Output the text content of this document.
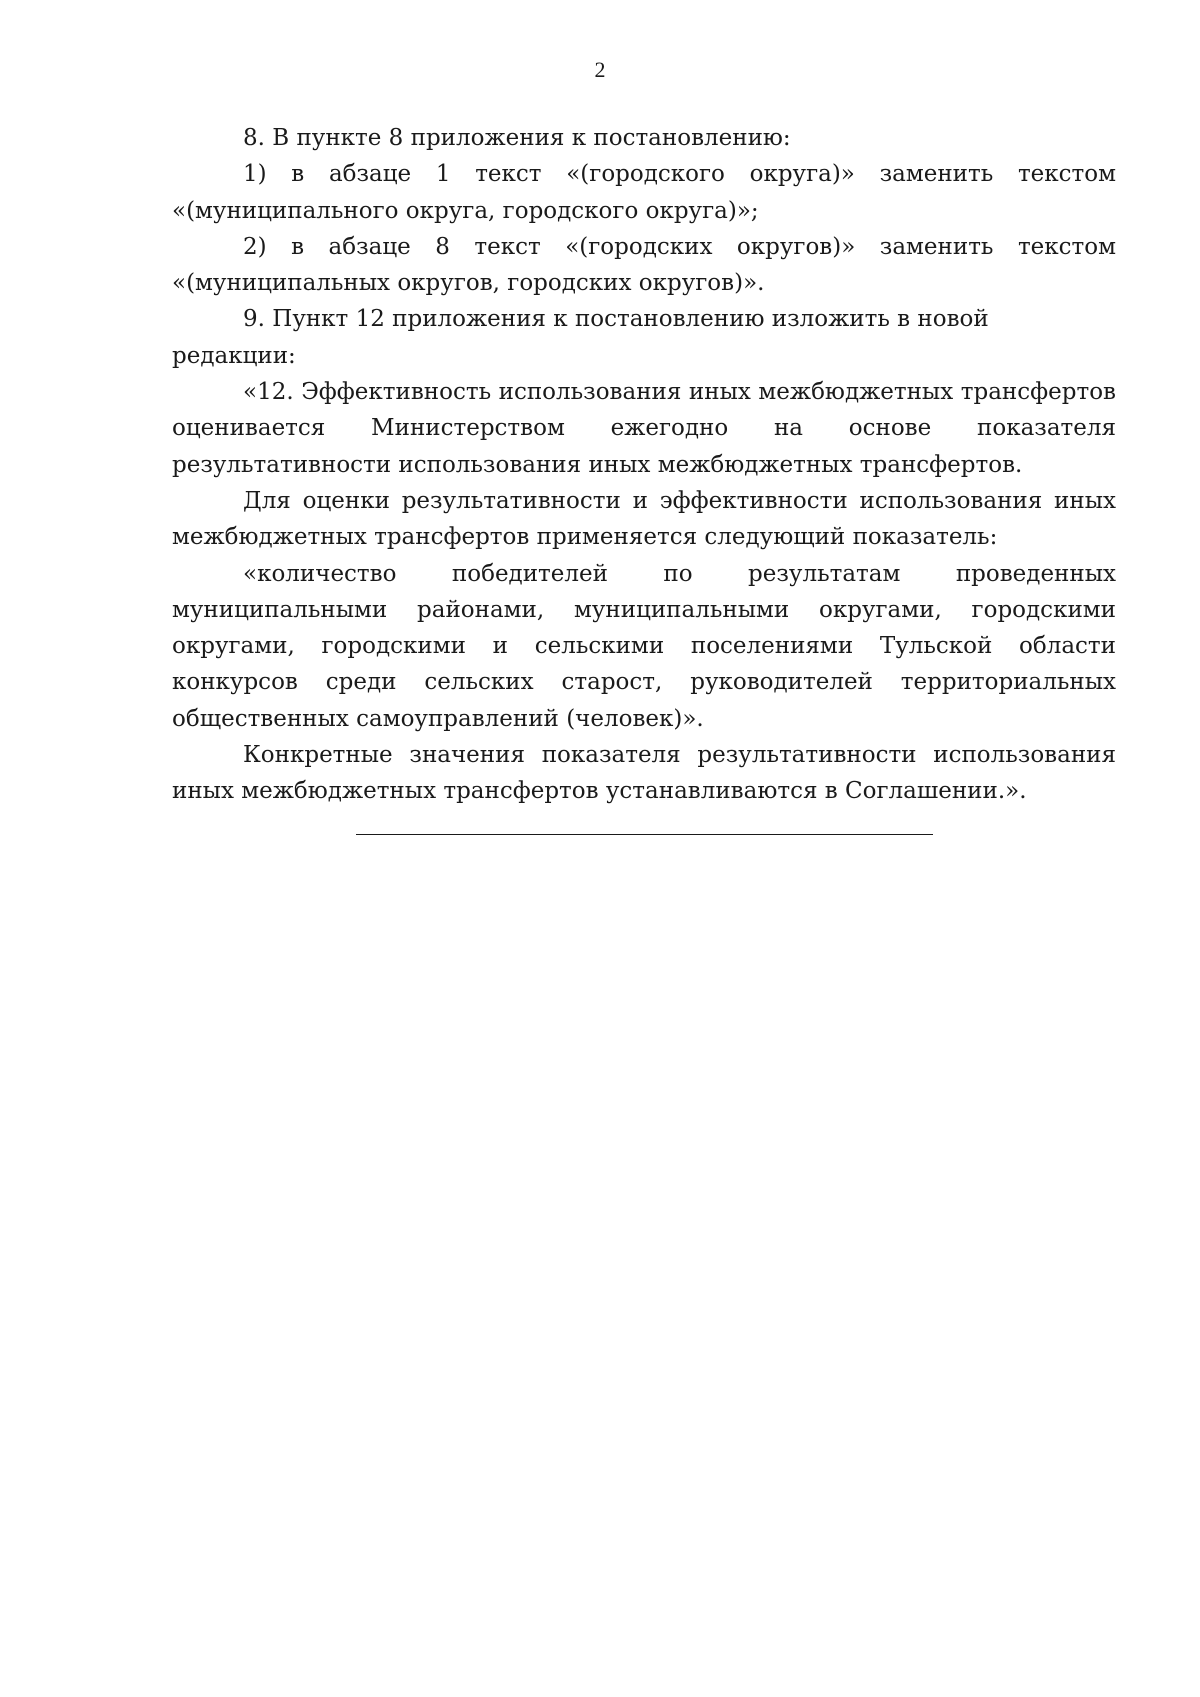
2

8. В пункте 8 приложения к постановлению:

1) в абзаце 1 текст «(городского округа)» заменить текстом «(муниципального округа, городского округа)»;

2) в абзаце 8 текст «(городских округов)» заменить текстом «(муниципальных округов, городских округов)».

9. Пункт 12 приложения к постановлению изложить в новой редакции:

«12. Эффективность использования иных межбюджетных трансфертов оценивается Министерством ежегодно на основе показателя результативности использования иных межбюджетных трансфертов.

Для оценки результативности и эффективности использования иных межбюджетных трансфертов применяется следующий показатель:

«количество победителей по результатам проведенных муниципальными районами, муниципальными округами, городскими округами, городскими и сельскими поселениями Тульской области конкурсов среди сельских старост, руководителей территориальных общественных самоуправлений (человек)».

Конкретные значения показателя результативности использования иных межбюджетных трансфертов устанавливаются в Соглашении.».
